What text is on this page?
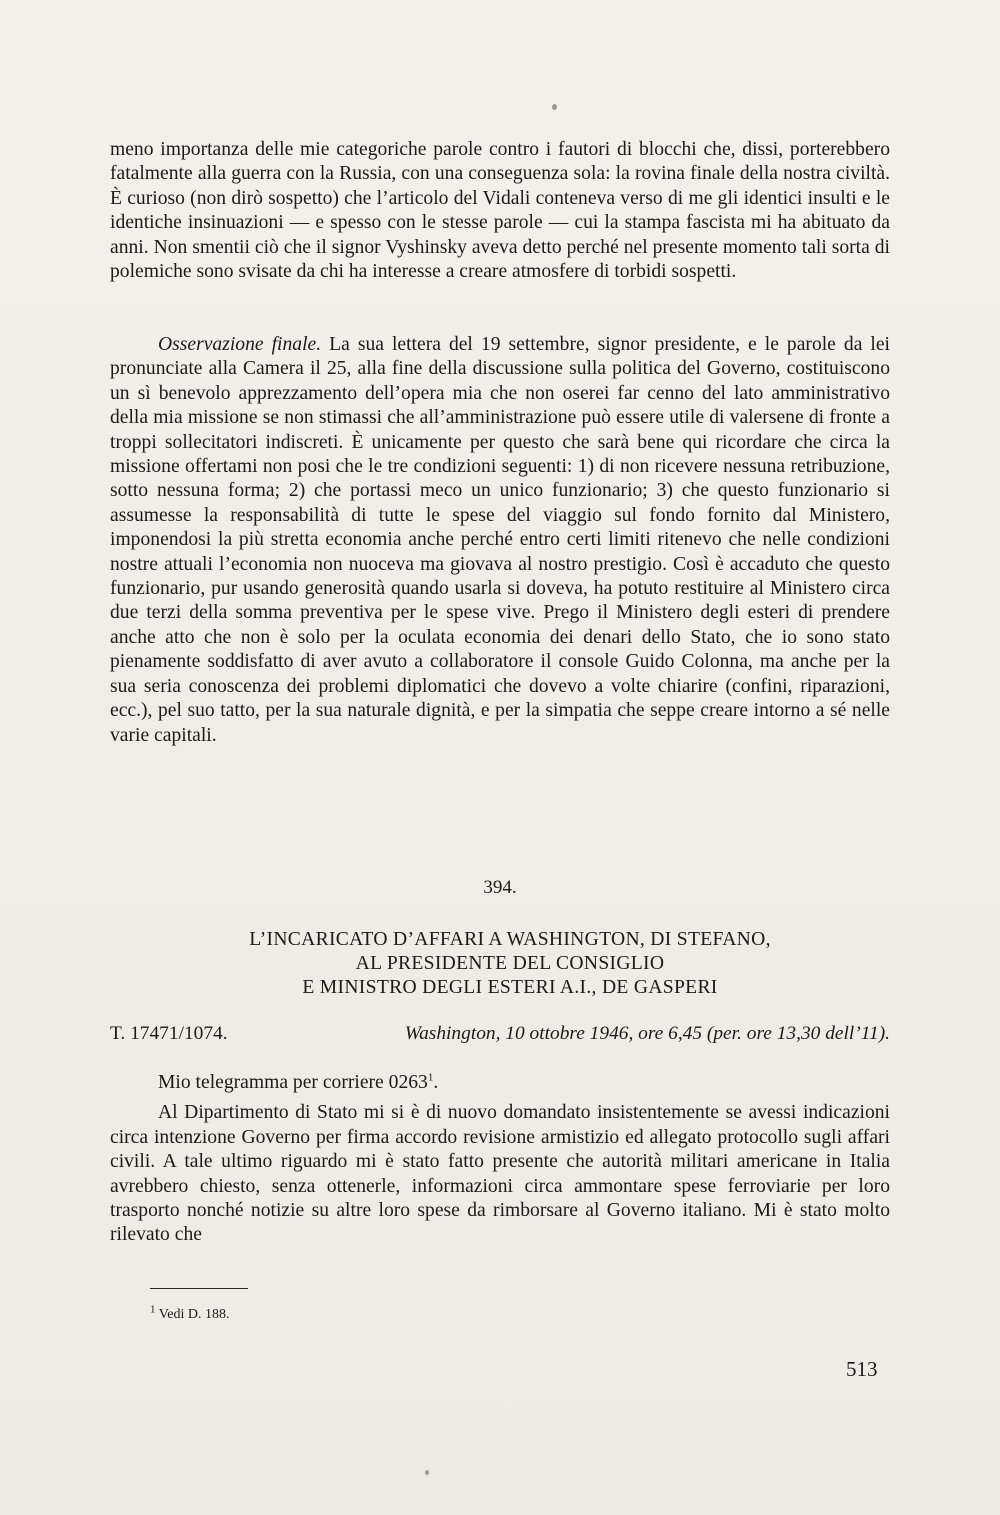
meno importanza delle mie categoriche parole contro i fautori di blocchi che, dissi, porterebbero fatalmente alla guerra con la Russia, con una conseguenza sola: la rovina finale della nostra civiltà. È curioso (non dirò sospetto) che l’articolo del Vidali conteneva verso di me gli identici insulti e le identiche insinuazioni — e spesso con le stesse parole — cui la stampa fascista mi ha abituato da anni. Non smentii ciò che il signor Vyshinsky aveva detto perché nel presente momento tali sorta di polemiche sono svisate da chi ha interesse a creare atmosfere di torbidi sospetti.

Osservazione finale. La sua lettera del 19 settembre, signor presidente, e le parole da lei pronunciate alla Camera il 25, alla fine della discussione sulla politica del Governo, costituiscono un sì benevolo apprezzamento dell’opera mia che non oserei far cenno del lato amministrativo della mia missione se non stimassi che all’amministrazione può essere utile di valersene di fronte a troppi sollecitatori indiscreti. È unicamente per questo che sarà bene qui ricordare che circa la missione offertami non posi che le tre condizioni seguenti: 1) di non ricevere nessuna retribuzione, sotto nessuna forma; 2) che portassi meco un unico funzionario; 3) che questo funzionario si assumesse la responsabilità di tutte le spese del viaggio sul fondo fornito dal Ministero, imponendosi la più stretta economia anche perché entro certi limiti ritenevo che nelle condizioni nostre attuali l’economia non nuoceva ma giovava al nostro prestigio. Così è accaduto che questo funzionario, pur usando generosità quando usarla si doveva, ha potuto restituire al Ministero circa due terzi della somma preventiva per le spese vive. Prego il Ministero degli esteri di prendere anche atto che non è solo per la oculata economia dei denari dello Stato, che io sono stato pienamente soddisfatto di aver avuto a collaboratore il console Guido Colonna, ma anche per la sua seria conoscenza dei problemi diplomatici che dovevo a volte chiarire (confini, riparazioni, ecc.), pel suo tatto, per la sua naturale dignità, e per la simpatia che seppe creare intorno a sé nelle varie capitali.

394.
L’INCARICATO D’AFFARI A WASHINGTON, DI STEFANO,
AL PRESIDENTE DEL CONSIGLIO
E MINISTRO DEGLI ESTERI A.I., DE GASPERI
T. 17471/1074.	Washington, 10 ottobre 1946, ore 6,45 (per. ore 13,30 dell’11).

Mio telegramma per corriere 0263$^1$.

Al Dipartimento di Stato mi si è di nuovo domandato insistentemente se avessi indicazioni circa intenzione Governo per firma accordo revisione armistizio ed allegato protocollo sugli affari civili. A tale ultimo riguardo mi è stato fatto presente che autorità militari americane in Italia avrebbero chiesto, senza ottenerle, informazioni circa ammontare spese ferroviarie per loro trasporto nonché notizie su altre loro spese da rimborsare al Governo italiano. Mi è stato molto rilevato che

$^1$ Vedi D. 188.
513
